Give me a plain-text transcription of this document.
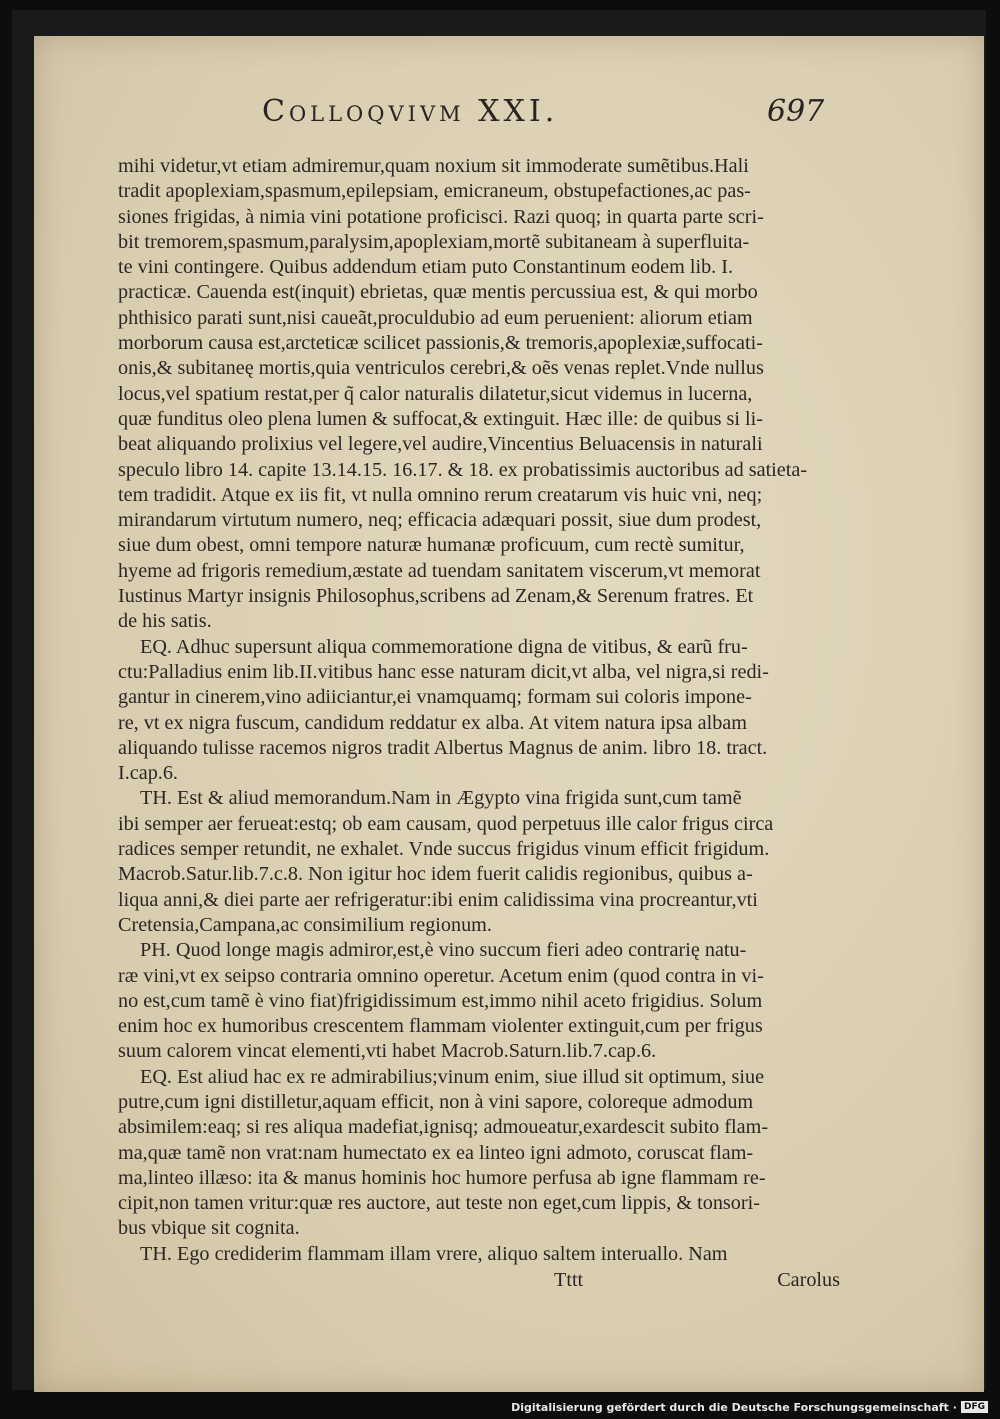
Colloqvivm XXI.	697
mihi videtur,vt etiam admiremur,quam noxium sit immoderate sumẽtibus.Hali
tradit apoplexiam,spasmum,epilepsiam, emicraneum, obstupefactiones,ac pas-
siones frigidas, à nimia vini potatione proficisci. Razi quoq; in quarta parte scri-
bit tremorem,spasmum,paralysim,apoplexiam,mortẽ subitaneam à superfluita-
te vini contingere. Quibus addendum etiam puto Constantinum eodem lib. I.
practicæ. Cauenda est(inquit) ebrietas, quæ mentis percussiua est, & qui morbo
phthisico parati sunt,nisi caueãt,proculdubio ad eum peruenient: aliorum etiam
morborum causa est,arcteticæ scilicet passionis,& tremoris,apoplexiæ,suffocati-
onis,& subitaneę mortis,quia ventriculos cerebri,& oẽs venas replet.Vnde nullus
locus,vel spatium restat,per q̃ calor naturalis dilatetur,sicut videmus in lucerna,
quæ funditus oleo plena lumen & suffocat,& extinguit. Hæc ille: de quibus si li-
beat aliquando prolixius vel legere,vel audire,Vincentius Beluacensis in naturali
speculo libro 14. capite 13.14.15. 16.17. & 18. ex probatissimis auctoribus ad satieta-
tem tradidit. Atque ex iis fit, vt nulla omnino rerum creatarum vis huic vni, neq;
mirandarum virtutum numero, neq; efficacia adæquari possit, siue dum prodest,
siue dum obest, omni tempore naturæ humanæ proficuum, cum rectè sumitur,
hyeme ad frigoris remedium,æstate ad tuendam sanitatem viscerum,vt memorat
Iustinus Martyr insignis Philosophus,scribens ad Zenam,& Serenum fratres. Et
de his satis.
EQ. Adhuc supersunt aliqua commemoratione digna de vitibus, & earũ fru-
ctu:Palladius enim lib.II.vitibus hanc esse naturam dicit,vt alba, vel nigra,si redi-
gantur in cinerem,vino adiiciantur,ei vnamquamq; formam sui coloris impone-
re, vt ex nigra fuscum, candidum reddatur ex alba. At vitem natura ipsa albam
aliquando tulisse racemos nigros tradit Albertus Magnus de anim. libro 18. tract.
I.cap.6.
TH. Est & aliud memorandum.Nam in Ægypto vina frigida sunt,cum tamẽ
ibi semper aer ferueat:estq; ob eam causam, quod perpetuus ille calor frigus circa
radices semper retundit, ne exhalet. Vnde succus frigidus vinum efficit frigidum.
Macrob.Satur.lib.7.c.8. Non igitur hoc idem fuerit calidis regionibus, quibus a-
liqua anni,& diei parte aer refrigeratur:ibi enim calidissima vina procreantur,vti
Cretensia,Campana,ac consimilium regionum.
PH. Quod longe magis admiror,est,è vino succum fieri adeo contrarię natu-
ræ vini,vt ex seipso contraria omnino operetur. Acetum enim (quod contra in vi-
no est,cum tamẽ è vino fiat)frigidissimum est,immo nihil aceto frigidius. Solum
enim hoc ex humoribus crescentem flammam violenter extinguit,cum per frigus
suum calorem vincat elementi,vti habet Macrob.Saturn.lib.7.cap.6.
EQ. Est aliud hac ex re admirabilius;vinum enim, siue illud sit optimum, siue
putre,cum igni distilletur,aquam efficit, non à vini sapore, coloreque admodum
absimilem:eaq; si res aliqua madefiat,ignisq; admoueatur,exardescit subito flam-
ma,quæ tamẽ non vrat:nam humectato ex ea linteo igni admoto, coruscat flam-
ma,linteo illæso: ita & manus hominis hoc humore perfusa ab igne flammam re-
cipit,non tamen vritur:quæ res auctore, aut teste non eget,cum lippis, & tonsori-
bus vbique sit cognita.
TH. Ego crediderim flammam illam vrere, aliquo saltem interuallo. Nam
Tttt	Carolus
Digitalisierung gefördert durch die Deutsche Forschungsgemeinschaft · DFG
